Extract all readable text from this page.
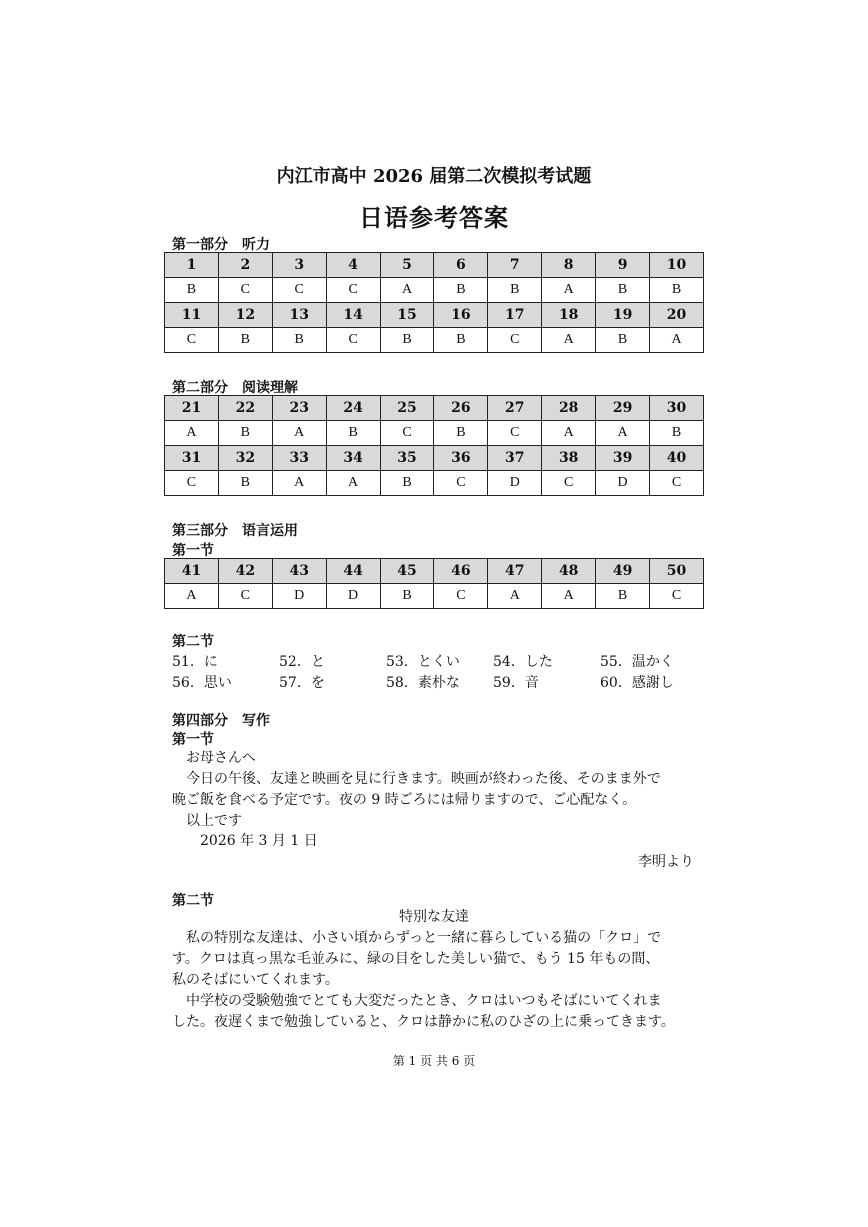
内江市高中 2026 届第二次模拟考试题
日语参考答案
第一部分　听力
1	2	3	4	5	6	7	8	9	10
B	C	C	C	A	B	B	A	B	B
11	12	13	14	15	16	17	18	19	20
C	B	B	C	B	B	C	A	B	A
第二部分　阅读理解
21	22	23	24	25	26	27	28	29	30
A	B	A	B	C	B	C	A	A	B
31	32	33	34	35	36	37	38	39	40
C	B	A	A	B	C	D	C	D	C
第三部分　语言运用
第一节
41	42	43	44	45	46	47	48	49	50
A	C	D	D	B	C	A	A	B	C
第二节
51．に	52．と	53．とくい	54．した	55．温かく
56．思い	57．を	58．素朴な	59．音	60．感謝し
第四部分　写作
第一节
お母さんへ
今日の午後、友達と映画を見に行きます。映画が終わった後、そのまま外で
晩ご飯を食べる予定です。夜の 9 時ごろには帰りますので、ご心配なく。
以上です
2026 年 3 月 1 日
李明より
第二节
特別な友達
私の特別な友達は、小さい頃からずっと一緒に暮らしている猫の「クロ」で
す。クロは真っ黒な毛並みに、緑の目をした美しい猫で、もう 15 年もの間、
私のそばにいてくれます。
中学校の受験勉強でとても大変だったとき、クロはいつもそばにいてくれま
した。夜遅くまで勉強していると、クロは静かに私のひざの上に乗ってきます。
第 1 页 共 6 页
